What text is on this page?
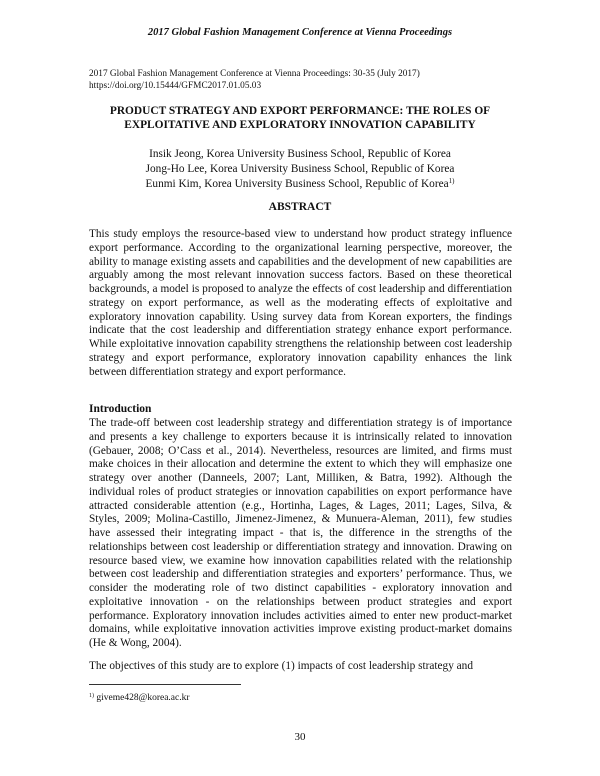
2017 Global Fashion Management Conference at Vienna Proceedings
2017 Global Fashion Management Conference at Vienna Proceedings: 30-35 (July 2017)
https://doi.org/10.15444/GFMC2017.01.05.03
PRODUCT STRATEGY AND EXPORT PERFORMANCE: THE ROLES OF
EXPLOITATIVE AND EXPLORATORY INNOVATION CAPABILITY
Insik Jeong, Korea University Business School, Republic of Korea
Jong-Ho Lee, Korea University Business School, Republic of Korea
Eunmi Kim, Korea University Business School, Republic of Korea$^{1)}$
ABSTRACT

This study employs the resource-based view to understand how product strategy influence export performance. According to the organizational learning perspective, moreover, the ability to manage existing assets and capabilities and the development of new capabilities are arguably among the most relevant innovation success factors. Based on these theoretical backgrounds, a model is proposed to analyze the effects of cost leadership and differentiation strategy on export performance, as well as the moderating effects of exploitative and exploratory innovation capability. Using survey data from Korean exporters, the findings indicate that the cost leadership and differentiation strategy enhance export performance. While exploitative innovation capability strengthens the relationship between cost leadership strategy and export performance, exploratory innovation capability enhances the link between differentiation strategy and export performance.

Introduction

The trade-off between cost leadership strategy and differentiation strategy is of importance and presents a key challenge to exporters because it is intrinsically related to innovation (Gebauer, 2008; O’Cass et al., 2014). Nevertheless, resources are limited, and firms must make choices in their allocation and determine the extent to which they will emphasize one strategy over another (Danneels, 2007; Lant, Milliken, & Batra, 1992). Although the individual roles of product strategies or innovation capabilities on export performance have attracted considerable attention (e.g., Hortinha, Lages, & Lages, 2011; Lages, Silva, & Styles, 2009; Molina-Castillo, Jimenez-Jimenez, & Munuera-Aleman, 2011), few studies have assessed their integrating impact - that is, the difference in the strengths of the relationships between cost leadership or differentiation strategy and innovation. Drawing on resource based view, we examine how innovation capabilities related with the relationship between cost leadership and differentiation strategies and exporters’ performance. Thus, we consider the moderating role of two distinct capabilities - exploratory innovation and exploitative innovation - on the relationships between product strategies and export performance. Exploratory innovation includes activities aimed to enter new product-market domains, while exploitative innovation activities improve existing product-market domains (He & Wong, 2004).

The objectives of this study are to explore (1) impacts of cost leadership strategy and

$^{1)}$ giveme428@korea.ac.kr
30
